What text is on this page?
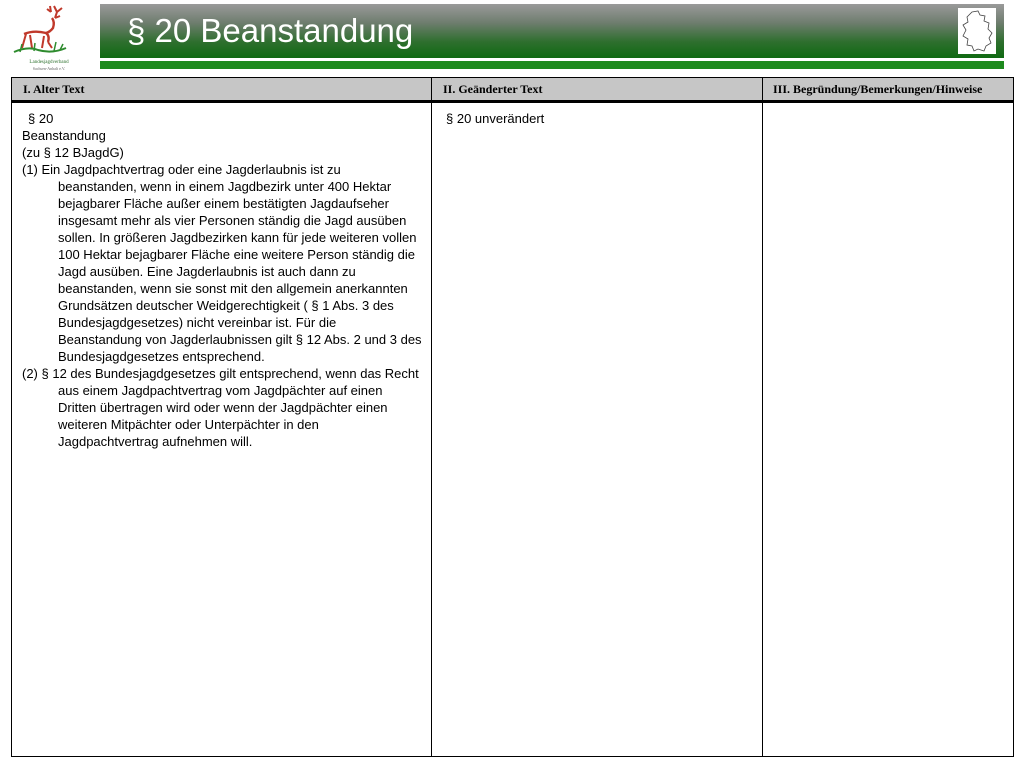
Landesjagdverband
Sachsen-Anhalt e.V.
§ 20 Beanstandung
I. Alter Text	II. Geänderter Text	III. Begründung/Bemerkungen/Hinweise

§ 20
Beanstandung
(zu § 12 BJagdG)
(1) Ein Jagdpachtvertrag oder eine Jagderlaubnis ist zu beanstanden, wenn in einem Jagdbezirk unter 400 Hektar bejagbarer Fläche außer einem bestätigten Jagdaufseher insgesamt mehr als vier Personen ständig die Jagd ausüben sollen. In größeren Jagdbezirken kann für jede weiteren vollen 100 Hektar bejagbarer Fläche eine weitere Person ständig die Jagd ausüben. Eine Jagderlaubnis ist auch dann zu beanstanden, wenn sie sonst mit den allgemein anerkannten Grundsätzen deutscher Weidgerechtigkeit ( § 1 Abs. 3 des Bundesjagdgesetzes) nicht vereinbar ist. Für die Beanstandung von Jagderlaubnissen gilt § 12 Abs. 2 und 3 des Bundesjagdgesetzes entsprechend.
(2) § 12 des Bundesjagdgesetzes gilt entsprechend, wenn das Recht aus einem Jagdpachtvertrag vom Jagdpächter auf einen Dritten übertragen wird oder wenn der Jagdpächter einen weiteren Mitpächter oder Unterpächter in den Jagdpachtvertrag aufnehmen will.	§ 20 unverändert	
